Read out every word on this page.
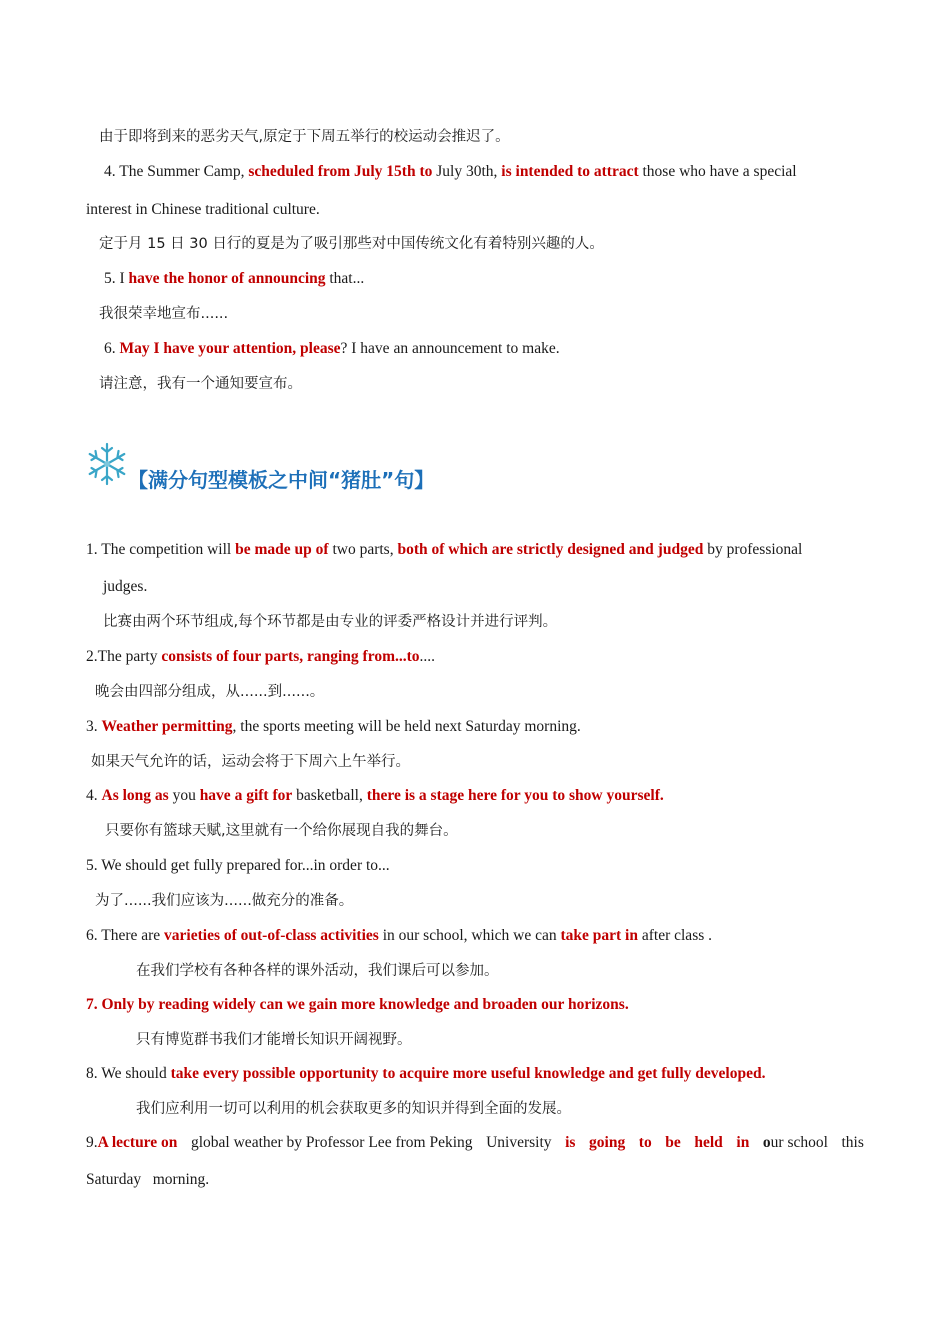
由于即将到来的恶劣天气,原定于下周五举行的校运动会推迟了。
4. The Summer Camp, scheduled from July 15th to July 30th, is intended to attract those who have a special
interest in Chinese traditional culture.
定于月 15 日 30 日行的夏是为了吸引那些对中国传统文化有着特别兴趣的人。
5. I have the honor of announcing that...
我很荣幸地宣布......
6. May I have your attention, please? I have an announcement to make.
请注意，我有一个通知要宣布。
【满分句型模板之中间“猪肚”句】
1. The competition will be made up of two parts, both of which are strictly designed and judged by professional
judges.
比赛由两个环节组成,每个环节都是由专业的评委严格设计并进行评判。
2.The party consists of four parts, ranging from...to....
晚会由四部分组成，从......到......。
3. Weather permitting, the sports meeting will be held next Saturday morning.
如果天气允许的话，运动会将于下周六上午举行。
4. As long as you have a gift for basketball, there is a stage here for you to show yourself.
只要你有篮球天赋,这里就有一个给你展现自我的舞台。
5. We should get fully prepared for...in order to...
为了......我们应该为......做充分的准备。
6. There are varieties of out-of-class activities in our school, which we can take part in after class .
在我们学校有各种各样的课外活动，我们课后可以参加。
7. Only by reading widely can we gain more knowledge and broaden our horizons.
只有博览群书我们才能增长知识开阔视野。
8. We should take every possible opportunity to acquire more useful knowledge and get fully developed.
我们应利用一切可以利用的机会获取更多的知识并得到全面的发展。
9.A lecture on global weather by Professor Lee from Peking University is going to be held in our school this
Saturday morning.
